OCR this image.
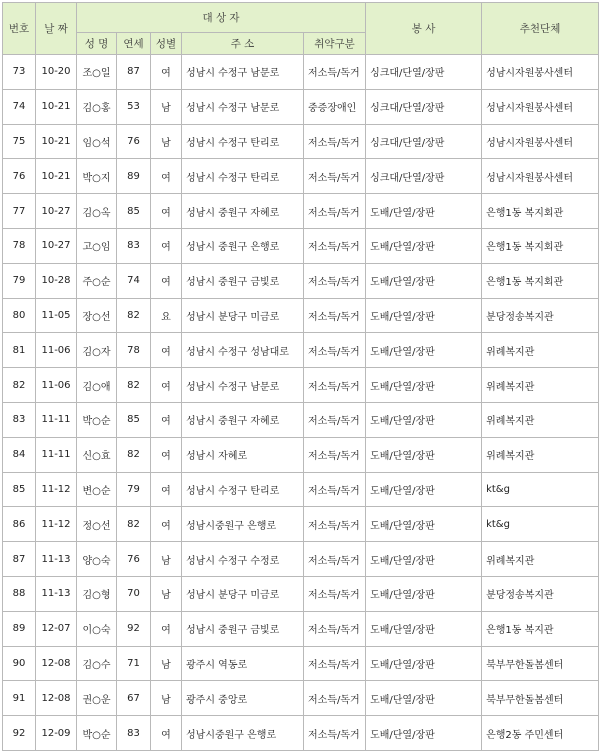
번호	날 짜	대 상 자					봉 사	추천단체
		성 명	연세	성별	주 소	취약구분		
73	10-20	조○일	87	여	성남시 수정구 남문로	저소득/독거	싱크대/단열/장판	성남시자원봉사센터
74	10-21	김○홍	53	남	성남시 수정구 남문로	중증장애인	싱크대/단열/장판	성남시자원봉사센터
75	10-21	임○석	76	남	성남시 수정구 탄리로	저소득/독거	싱크대/단열/장판	성남시자원봉사센터
76	10-21	박○지	89	여	성남시 수정구 탄리로	저소득/독거	싱크대/단열/장판	성남시자원봉사센터
77	10-27	김○옥	85	여	성남시 중원구 자혜로	저소득/독거	도배/단열/장판	은행1동 복지회관
78	10-27	고○임	83	여	성남시 중원구 은행로	저소득/독거	도배/단열/장판	은행1동 복지회관
79	10-28	주○순	74	여	성남시 중원구 금빛로	저소득/독거	도배/단열/장판	은행1동 복지회관
80	11-05	장○선	82	요	성남시 분당구 미금로	저소득/독거	도배/단열/장판	분당정송복지관
81	11-06	김○자	78	여	성남시 수정구 성남대로	저소득/독거	도배/단열/장판	위례복지관
82	11-06	김○애	82	여	성남시 수정구 남문로	저소득/독거	도배/단열/장판	위례복지관
83	11-11	박○순	85	여	성남시 중원구 자혜로	저소득/독거	도배/단열/장판	위례복지관
84	11-11	신○효	82	여	성남시 자혜로	저소득/독거	도배/단열/장판	위례복지관
85	11-12	변○순	79	여	성남시 수정구 탄리로	저소득/독거	도배/단열/장판	kt&g
86	11-12	정○선	82	여	성남시중원구 은행로	저소득/독거	도배/단열/장판	kt&g
87	11-13	양○숙	76	남	성남시 수정구 수정로	저소득/독거	도배/단열/장판	위례복지관
88	11-13	김○형	70	남	성남시 분당구 미금로	저소득/독거	도배/단열/장판	분당정송복지관
89	12-07	이○숙	92	여	성남시 중원구 금빛로	저소득/독거	도배/단열/장판	은행1동 복지관
90	12-08	김○수	71	남	광주시 역동로	저소득/독거	도배/단열/장판	북부무한돌봄센터
91	12-08	권○운	67	남	광주시 중앙로	저소득/독거	도배/단열/장판	북부무한돌봄센터
92	12-09	박○순	83	여	성남시중원구 은행로	저소득/독거	도배/단열/장판	은행2동 주민센터
